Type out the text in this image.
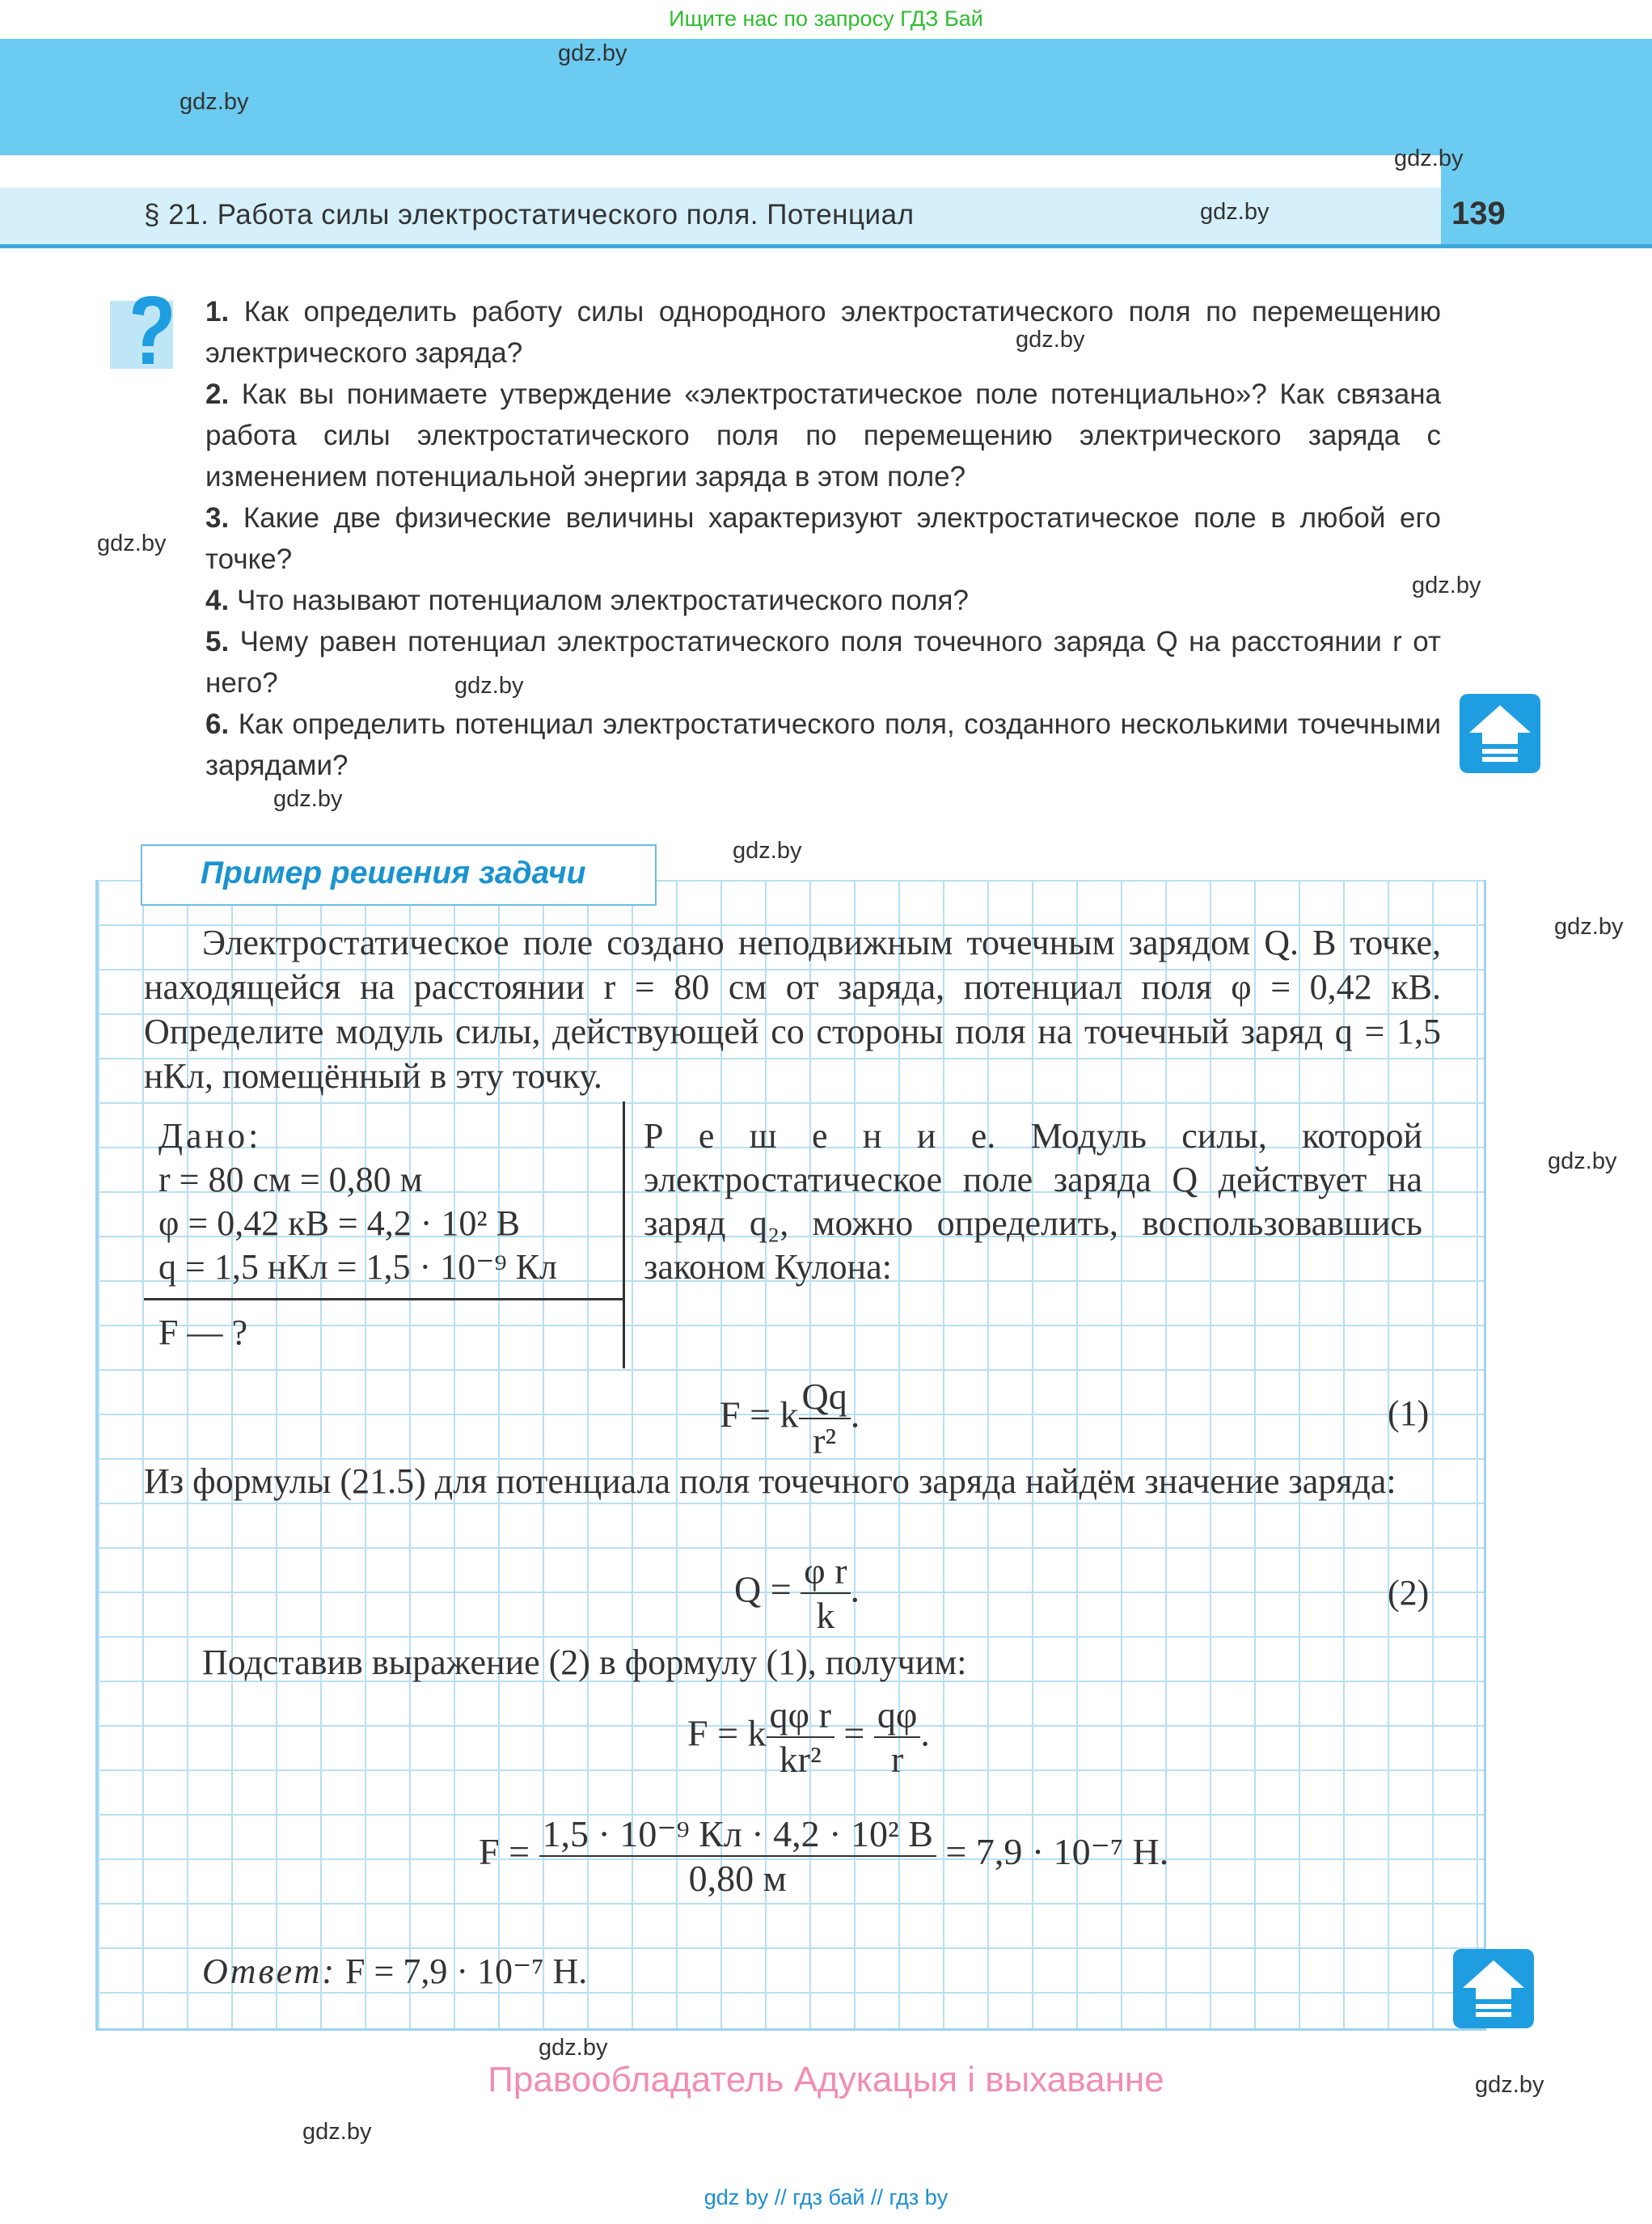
Ищите нас по запросу ГДЗ Бай
§ 21. Работа силы электростатического поля. Потенциал	139
gdz.by
gdz.by
gdz.by
gdz.by
gdz.by
gdz.by
gdz.by
gdz.by
gdz.by
gdz.by
gdz.by
gdz.by
gdz.by
gdz.by
gdz.by
1. Как определить работу силы однородного электростатического поля по перемещению электрического заряда?
2. Как вы понимаете утверждение «электростатическое поле потенциально»? Как связана работа силы электростатического поля по перемещению электрического заряда с изменением потенциальной энергии заряда в этом поле?
3. Какие две физические величины характеризуют электростатическое поле в любой его точке?
4. Что называют потенциалом электростатического поля?
5. Чему равен потенциал электростатического поля точечного заряда Q на расстоянии r от него?
6. Как определить потенциал электростатического поля, созданного несколькими точечными зарядами?
Пример решения задачи
Электростатическое поле создано неподвижным точечным зарядом Q. В точке, находящейся на расстоянии r = 80 см от заряда, потенциал поля φ = 0,42 кВ. Определите модуль силы, действующей со стороны поля на точечный заряд q = 1,5 нКл, помещённый в эту точку.
Дано:
r = 80 см = 0,80 м
φ = 0,42 кВ = 4,2 · 10² В
q = 1,5 нКл = 1,5 · 10⁻⁹ Кл
F — ?
Р е ш е н и е. Модуль силы, которой электростатическое поле заряда Q действует на заряд q₂, можно определить, воспользовавшись законом Кулона:
F = k $\frac{Qq}{\text{r²}}$ .	(1)
Из формулы (21.5) для потенциала поля точечного заряда найдём значение заряда:
$Q = \frac{\text{φ r}}{k}$ .	(2)
Подставив выражение (2) в формулу (1), получим:
F = k $\frac{\text{qφ r}}{\text{kr²}} = \frac{q\varphi}{r}$ .
$F = \frac{\text{1,5 · 10⁻⁹ Кл · 4,2 · 10² В}}{0,80 м} = 7,9 \cdot 10^{-7}$ Н.
Ответ: F = 7,9 · 10⁻⁷ Н.
Правообладатель Адукацыя і выхаванне
gdz by // гдз бай // гдз by
